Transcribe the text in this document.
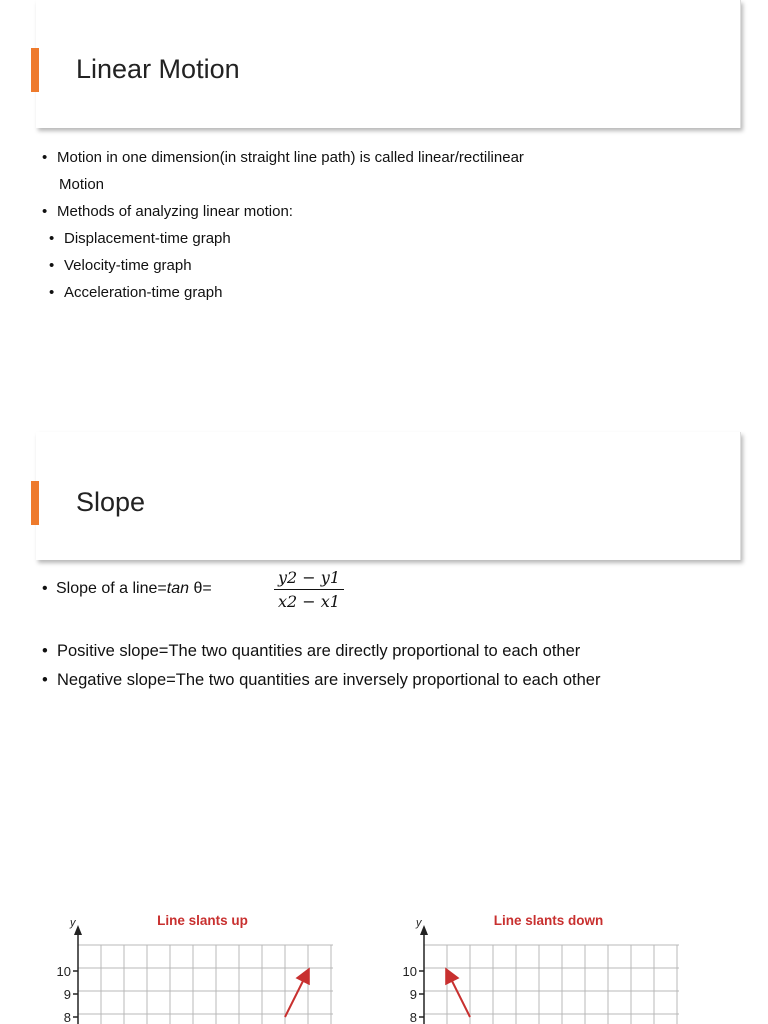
Linear Motion
• Motion in one dimension(in straight line path) is called linear/rectilinear
Motion
• Methods of analyzing linear motion:
• Displacement-time graph
• Velocity-time graph
• Acceleration-time graph
Slope
• Slope of a line=tan θ=
y2 − y1
x2 − x1
• Positive slope=The two quantities are directly proportional to each other
• Negative slope=The two quantities are inversely proportional to each other
Line slants up
y
10
9
8
Line slants down
y
10
9
8
